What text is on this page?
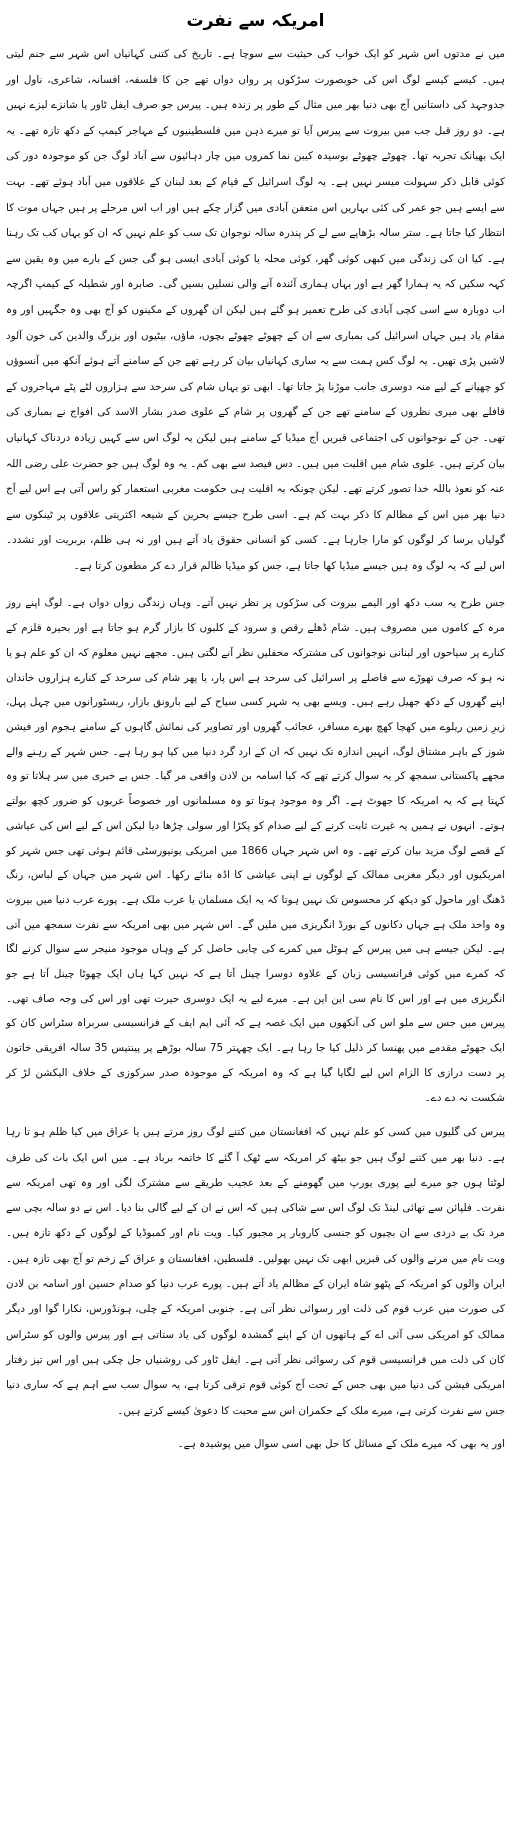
امریکہ سے نفرت

میں نے مدتوں اس شہر کو ایک خواب کی حیثیت سے سوچا ہے۔ تاریخ کی کتنی کہانیاں اس شہر سے جنم لیتی ہیں۔ کیسے کیسے لوگ اس کی خوبصورت سڑکوں پر رواں دواں تھے جن کا فلسفہ، افسانہ، شاعری، ناول اور جدوجہد کی داستانیں آج بھی دنیا بھر میں مثال کے طور پر زندہ ہیں۔ پیرس جو صرف ایفل ٹاور یا شانزے لیزے نہیں ہے۔ دو روز قبل جب میں بیروت سے پیرس آیا تو میرے ذہن میں فلسطینیوں کے مہاجر کیمپ کے دکھ تازہ تھے۔ یہ ایک بھیانک تجربہ تھا۔ چھوٹے چھوٹے بوسیدہ کیبن نما کمروں میں چار دہائیوں سے آباد لوگ جن کو موجودہ دور کی کوئی قابل ذکر سہولت میسر نہیں ہے۔ یہ لوگ اسرائیل کے قیام کے بعد لبنان کے علاقوں میں آباد ہوئے تھے۔ بہت سے ایسے ہیں جو عمر کی کئی بہاریں اس متعفن آبادی میں گزار چکے ہیں اور اب اس مرحلے پر ہیں جہاں موت کا انتظار کیا جاتا ہے۔ ستر سالہ بڑھاپے سے لے کر پندرہ سالہ نوجوان تک سب کو علم نہیں کہ ان کو یہاں کب تک رہنا ہے۔ کیا ان کی زندگی میں کبھی کوئی گھر، کوئی محلہ یا کوئی آبادی ایسی ہو گی جس کے بارے میں وہ یقین سے کہہ سکیں کہ یہ ہمارا گھر ہے اور یہاں ہماری آئندہ آنے والی نسلیں بسیں گی۔ صابرہ اور شطیلہ کے کیمپ اگرچہ اب دوبارہ سے اسی کچی آبادی کی طرح تعمیر ہو گئے ہیں لیکن ان گھروں کے مکینوں کو آج بھی وہ جگہیں اور وہ مقام یاد ہیں جہاں اسرائیل کی بمباری سے ان کے چھوٹے چھوٹے بچوں، ماؤں، بیٹیوں اور بزرگ والدین کی خون آلود لاشیں پڑی تھیں۔ یہ لوگ کس ہمت سے یہ ساری کہانیاں بیان کر رہے تھے جن کے سامنے آتے ہوئے آنکھ میں آنسوؤں کو چھپانے کے لیے منہ دوسری جانب موڑنا پڑ جاتا تھا۔ ابھی تو یہاں شام کی سرحد سے ہزاروں لٹے پٹے مہاجروں کے قافلے بھی میری نظروں کے سامنے تھے جن کے گھروں پر شام کے علوی صدر بشار الاسد کی افواج نے بمباری کی تھی۔ جن کے نوجوانوں کی اجتماعی قبریں آج میڈیا کے سامنے ہیں لیکن یہ لوگ اس سے کہیں زیادہ دردناک کہانیاں بیان کرتے ہیں۔ علوی شام میں اقلیت میں ہیں۔ دس فیصد سے بھی کم۔ یہ وہ لوگ ہیں جو حضرت علی رضی اللہ عنہ کو نعوذ باللہ خدا تصور کرتے تھے۔ لیکن چونکہ یہ اقلیت ہی حکومت مغربی استعمار کو راس آتی ہے اس لیے آج دنیا بھر میں اس کے مظالم کا ذکر بہت کم ہے۔ اسی طرح جیسے بحرین کے شیعہ اکثریتی علاقوں پر ٹینکوں سے گولیاں برسا کر لوگوں کو مارا جارہا ہے۔ کسی کو انسانی حقوق یاد آتے ہیں اور نہ ہی ظلم، بربریت اور تشدد۔ اس لیے کہ یہ لوگ وہ ہیں جیسے میڈیا کھا جاتا ہے، جس کو میڈیا ظالم قرار دے کر مطعون کرتا ہے۔

جس طرح یہ سب دکھ اور الیمے بیروت کی سڑکوں پر نظر نہیں آتے۔ وہاں زندگی رواں دواں ہے۔ لوگ اپنے روز مرہ کے کاموں میں مصروف ہیں۔ شام ڈھلے رقص و سرود کے کلبوں کا بازار گرم ہو جاتا ہے اور بحیرہ قلزم کے کنارے پر سیاحوں اور لبنانی نوجوانوں کی مشترکہ محفلیں نظر آنے لگتی ہیں۔ مجھے نہیں معلوم کہ ان کو علم ہو یا نہ ہو کہ صرف تھوڑے سے فاصلے پر اسرائیل کی سرحد ہے اس پار، یا پھر شام کی سرحد کے کنارے ہزاروں خاندان اپنے گھروں کے دکھ جھیل رہے ہیں۔ ویسے بھی یہ شہر کسی سیاح کے لیے بارونق بازار، ریسٹورانوں میں چہل پہل، زیرِ زمین ریلوے میں کھچا کھچ بھرے مسافر، عجائب گھروں اور تصاویر کی نمائش گاہوں کے سامنے ہجوم اور فیشن شوز کے باہر مشتاق لوگ، انہیں اندازہ تک نہیں کہ ان کے ارد گرد دنیا میں کیا ہو رہا ہے۔ جس شہر کے رہنے والے مجھے پاکستانی سمجھ کر یہ سوال کرتے تھے کہ کیا اسامہ بن لادن واقعی مر گیا۔ جس بے خبری میں سر ہلاتا تو وہ کہتا ہے کہ یہ امریکہ کا جھوٹ ہے۔ اگر وہ موجود ہوتا تو وہ مسلمانوں اور خصوصاً عربوں کو ضرور کچھ بولتے ہوتے۔ انہوں نے ہمیں یہ غیرت ثابت کرنے کے لیے صدام کو پکڑا اور سولی چڑھا دیا لیکن اس کے لیے اس کی عیاشی کے قصے لوگ مزید بیان کرتے تھے۔ وہ اس شہر جہاں 1866 میں امریکی یونیورسٹی قائم ہوئی تھی جس شہر کو امریکیوں اور دیگر مغربی ممالک کے لوگوں نے اپنی عیاشی کا اڈہ بنائے رکھا۔ اس شہر میں جہاں کے لباس، رنگ ڈھنگ اور ماحول کو دیکھ کر محسوس تک نہیں ہوتا کہ یہ ایک مسلمان یا عرب ملک ہے۔ پورے عرب دنیا میں بیروت وہ واحد ملک ہے جہاں دکانوں کے بورڈ انگریزی میں ملیں گے۔ اس شہر میں بھی امریکہ سے نفرت سمجھ میں آتی ہے۔ لیکن جیسے ہی میں پیرس کے ہوٹل میں کمرے کی چابی حاصل کر کے وہاں موجود منیجر سے سوال کرنے لگا کہ کمرے میں کوئی فرانسیسی زبان کے علاوہ دوسرا چینل آتا ہے کہ نہیں کہا ہاں ایک چھوٹا چینل آتا ہے جو انگریزی میں ہے اور اس کا نام سی این این ہے۔ میرے لیے یہ ایک دوسری حیرت تھی اور اس کی وجہ صاف تھی۔ پیرس میں جس سے ملو اس کی آنکھوں میں ایک غصہ ہے کہ آئی ایم ایف کے فرانسیسی سربراہ سٹراس کان کو ایک جھوٹے مقدمے میں پھنسا کر ذلیل کیا جا رہا ہے۔ ایک چھہتر 75 سالہ بوڑھے پر پینتیس 35 سالہ افریقی خاتون پر دست درازی کا الزام اس لیے لگایا گیا ہے کہ وہ امریکہ کے موجودہ صدر سرکوزی کے خلاف الیکشن لڑ کر شکست نہ دے دے۔

پیرس کی گلیوں میں کسی کو علم نہیں کہ افغانستان میں کتنے لوگ روز مرتے ہیں یا عراق میں کیا ظلم ہو تا رہا ہے۔ دنیا بھر میں کتنے لوگ ہیں جو بیٹھ کر امریکہ سے ٹھک آ گئے کا خاتمہ برباد ہے۔ میں اس ایک بات کی طرف لوٹتا ہوں جو میرے لیے پوری یورپ میں گھومنے کے بعد عجیب طریقے سے مشترک لگی اور وہ تھی امریکہ سے نفرت۔ فلپائن سے تھائی لینڈ تک لوگ اس سے شاکی ہیں کہ اس نے ان کے لیے گالی بنا دیا۔ اس نے دو سالہ بچی سے مرد تک بے دردی سے ان بچیوں کو جنسی کاروبار پر مجبور کیا۔ ویت نام اور کمبوڈیا کے لوگوں کے دکھ تازہ ہیں۔ ویت نام میں مرنے والوں کی قبریں ابھی تک نہیں بھولیں۔ فلسطین، افغانستان و عراق کے زخم تو آج بھی تازہ ہیں۔ ایران والوں کو امریکہ کے پٹھو شاہ ایران کے مظالم یاد آتے ہیں۔ پورے عرب دنیا کو صدام حسین اور اسامہ بن لادن کی صورت میں عرب قوم کی ذلت اور رسوائی نظر آتی ہے۔ جنوبی امریکہ کے چلی، ہونڈورس، نکارا گوا اور دیگر ممالک کو امریکی سی آئی اے کے ہاتھوں ان کے اپنے گمشدہ لوگوں کی یاد ستاتی ہے اور پیرس والوں کو سٹراس کان کی ذلت میں فرانسیسی قوم کی رسوائی نظر آتی ہے۔ ایفل ٹاور کی روشنیاں جل چکی ہیں اور اس تیز رفتار امریکی فیشن کی دنیا میں بھی جس کے تحت آج کوئی قوم ترقی کرتا ہے، یہ سوال سب سے اہم ہے کہ ساری دنیا جس سے نفرت کرتی ہے، میرے ملک کے حکمران اس سے محبت کا دعویٰ کیسے کرتے ہیں۔

اور یہ بھی کہ میرے ملک کے مسائل کا حل بھی اسی سوال میں پوشیدہ ہے۔
